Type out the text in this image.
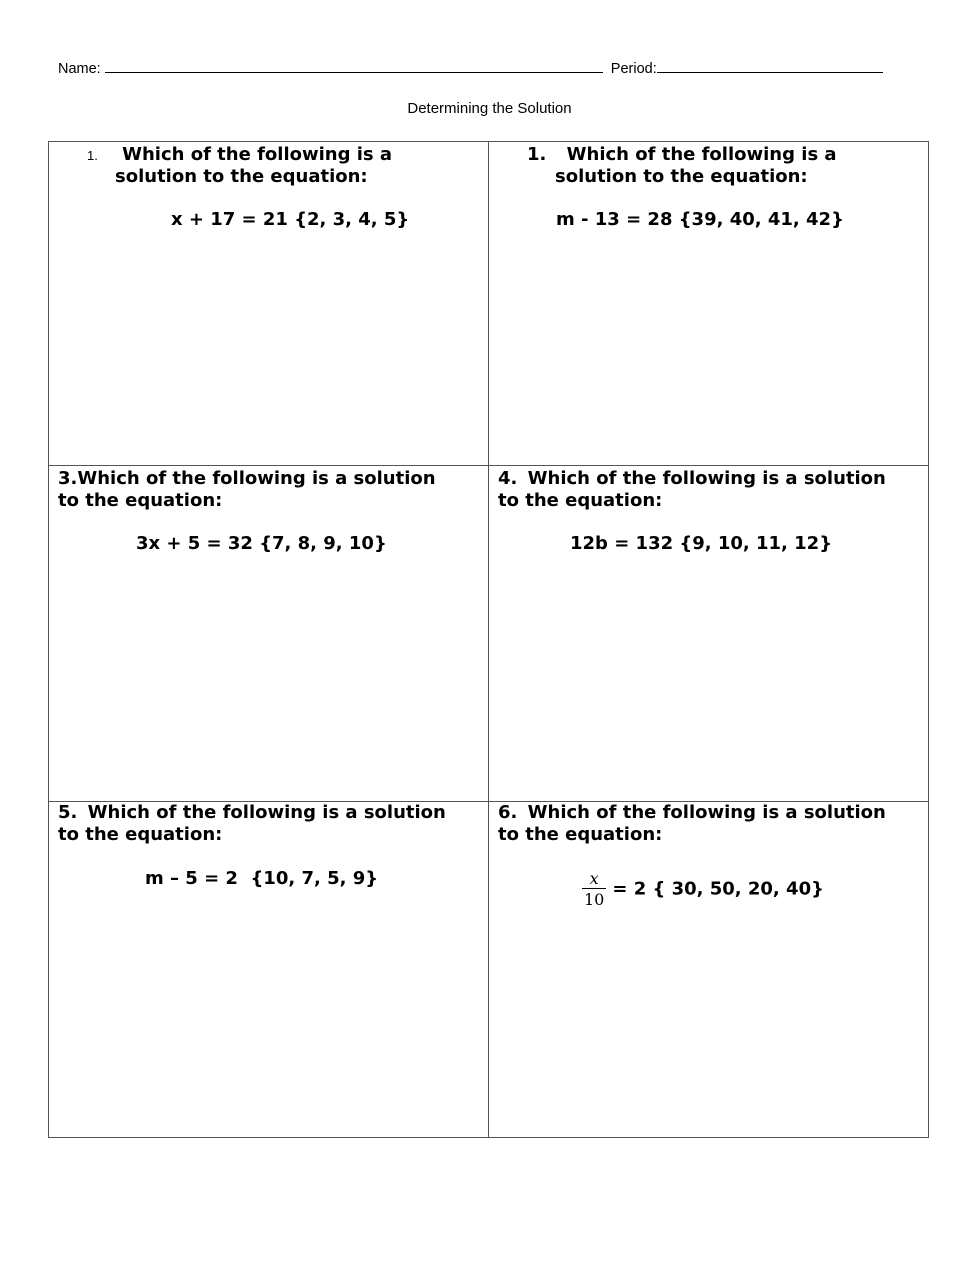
Name:	Period:
Determining the Solution
1. Which of the following is a
solution to the equation:
x + 17 = 21 {2, 3, 4, 5}
1. Which of the following is a
solution to the equation:
m - 13 = 28 {39, 40, 41, 42}
3.Which of the following is a solution
to the equation:
3x + 5 = 32 {7, 8, 9, 10}
4. Which of the following is a solution
to the equation:
12b = 132 {9, 10, 11, 12}
5. Which of the following is a solution
to the equation:
m – 5 = 2  {10, 7, 5, 9}
6. Which of the following is a solution
to the equation:
$\frac{x}{10} = 2$ { 30, 50, 20, 40}
